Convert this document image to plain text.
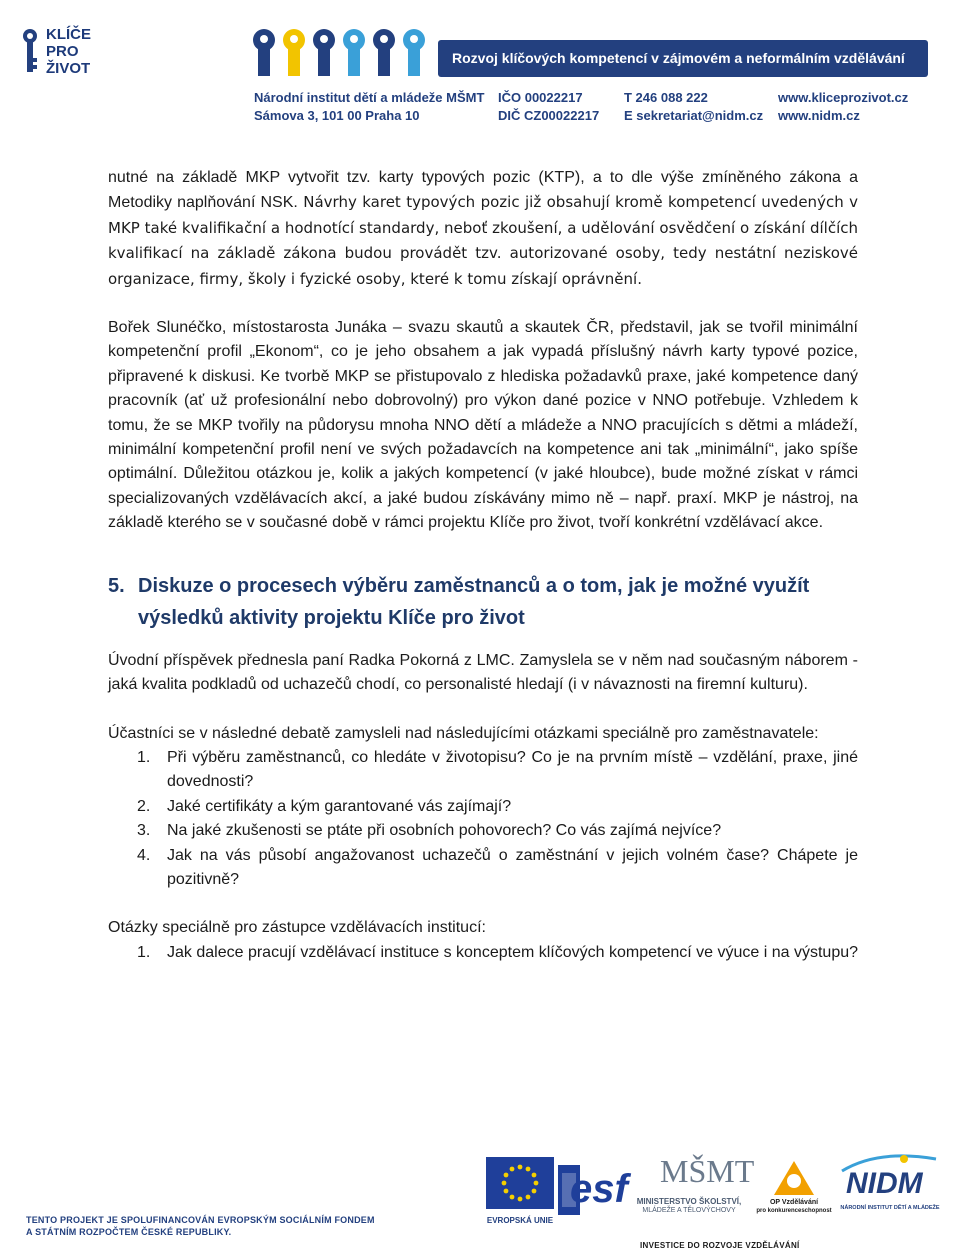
KLÍČE
PRO
ŽIVOT
Rozvoj klíčových kompetencí v zájmovém a neformálním vzdělávání
Národní institut dětí a mládeže MŠMT
Sámova 3, 101 00 Praha 10
IČO 00022217
DIČ CZ00022217
T 246 088 222
E sekretariat@nidm.cz
www.kliceprozivot.cz
www.nidm.cz

nutné na základě MKP vytvořit tzv. karty typových pozic (KTP), a to dle výše zmíněného zákona a Metodiky naplňování NSK. Návrhy karet typových pozic již obsahují kromě kompetencí uvedených v MKP také kvalifikační a hodnotící standardy, neboť zkoušení, a udělování osvědčení o získání dílčích kvalifikací na základě zákona budou provádět tzv. autorizované osoby, tedy nestátní neziskové organizace, firmy, školy i fyzické osoby, které k tomu získají oprávnění.

Bořek Slunéčko, místostarosta Junáka – svazu skautů a skautek ČR, představil, jak se tvořil minimální kompetenční profil „Ekonom“, co je jeho obsahem a jak vypadá příslušný návrh karty typové pozice, připravené k diskusi. Ke tvorbě MKP se přistupovalo z hlediska požadavků praxe, jaké kompetence daný pracovník (ať už profesionální nebo dobrovolný) pro výkon dané pozice v NNO potřebuje. Vzhledem k tomu, že se MKP tvořily na půdorysu mnoha NNO dětí a mládeže a NNO pracujících s dětmi a mládeží, minimální kompetenční profil není ve svých požadavcích na kompetence ani tak „minimální“, jako spíše optimální. Důležitou otázkou je, kolik a jakých kompetencí (v jaké hloubce), bude možné získat v rámci specializovaných vzdělávacích akcí, a jaké budou získávány mimo ně – např. praxí. MKP je nástroj, na základě kterého se v současné době v rámci projektu Klíče pro život, tvoří konkrétní vzdělávací akce.

5. Diskuze o procesech výběru zaměstnanců a o tom, jak je možné využít výsledků aktivity projektu Klíče pro život

Úvodní příspěvek přednesla paní Radka Pokorná z LMC. Zamyslela se v něm nad současným náborem - jaká kvalita podkladů od uchazečů chodí, co personalisté hledají (i v návaznosti na firemní kulturu).

Účastníci se v následné debatě zamysleli nad následujícími otázkami speciálně pro zaměstnavatele:

1. Při výběru zaměstnanců, co hledáte v životopisu? Co je na prvním místě – vzdělání, praxe, jiné dovednosti?
2. Jaké certifikáty a kým garantované vás zajímají?
3. Na jaké zkušenosti se ptáte při osobních pohovorech? Co vás zajímá nejvíce?
4. Jak na vás působí angažovanost uchazečů o zaměstnání v jejich volném čase? Chápete je pozitivně?

Otázky speciálně pro zástupce vzdělávacích institucí:

1. Jak dalece pracují vzdělávací instituce s konceptem klíčových kompetencí ve výuce i na výstupu?
TENTO PROJEKT JE SPOLUFINANCOVÁN EVROPSKÝM SOCIÁLNÍM FONDEM
A STÁTNÍM ROZPOČTEM ČESKÉ REPUBLIKY.
EVROPSKÁ UNIE
esf MŠMT
MINISTERSTVO ŠKOLSTVÍ,
MLÁDEŽE A TĚLOVÝCHOVY
OP Vzdělávání
pro konkurenceschopnost
NIDM
NÁRODNÍ INSTITUT DĚTÍ A MLÁDEŽE
INVESTICE DO ROZVOJE VZDĚLÁVÁNÍ
